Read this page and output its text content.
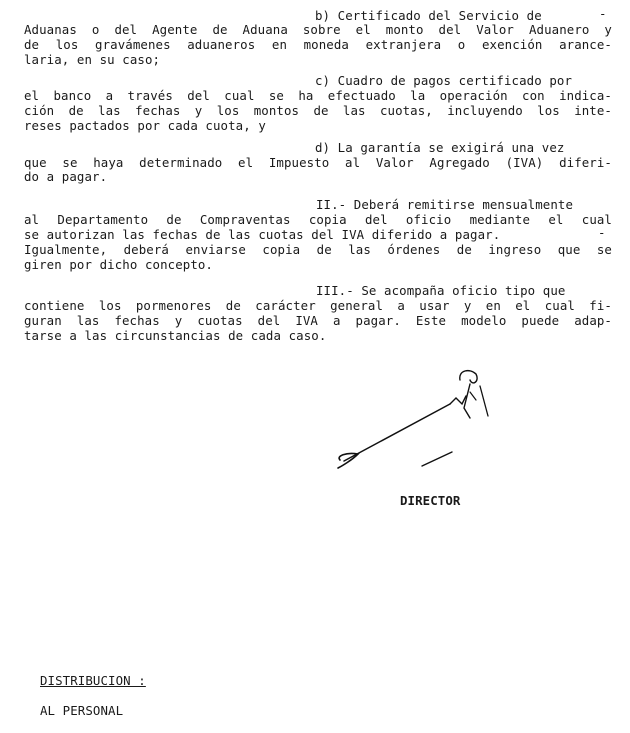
b) Certificado del Servicio de	-
Aduanas o del Agente de Aduana sobre el monto del Valor Aduanero y
de los gravámenes aduaneros en moneda extranjera o exención arance-
laria, en su caso;
c) Cuadro de pagos certificado por
el banco a través del cual se ha efectuado la operación con indica-
ción de las fechas y los montos de las cuotas, incluyendo los inte-
reses pactados por cada cuota, y
d) La garantía se exigirá una vez
que se haya determinado el Impuesto al Valor Agregado (IVA) diferi-
do a pagar.
II.- Deberá remitirse mensualmente
al Departamento de Compraventas copia del oficio mediante el cual
se autorizan las fechas de las cuotas del IVA diferido a pagar.	-
Igualmente, deberá enviarse copia de las órdenes de ingreso que se
giren por dicho concepto.
III.- Se acompaña oficio tipo que
contiene los pormenores de carácter general a usar y en el cual fi-
guran las fechas y cuotas del IVA a pagar. Este modelo puede adap-
tarse a las circunstancias de cada caso.
DIRECTOR
DISTRIBUCION :
AL PERSONAL
